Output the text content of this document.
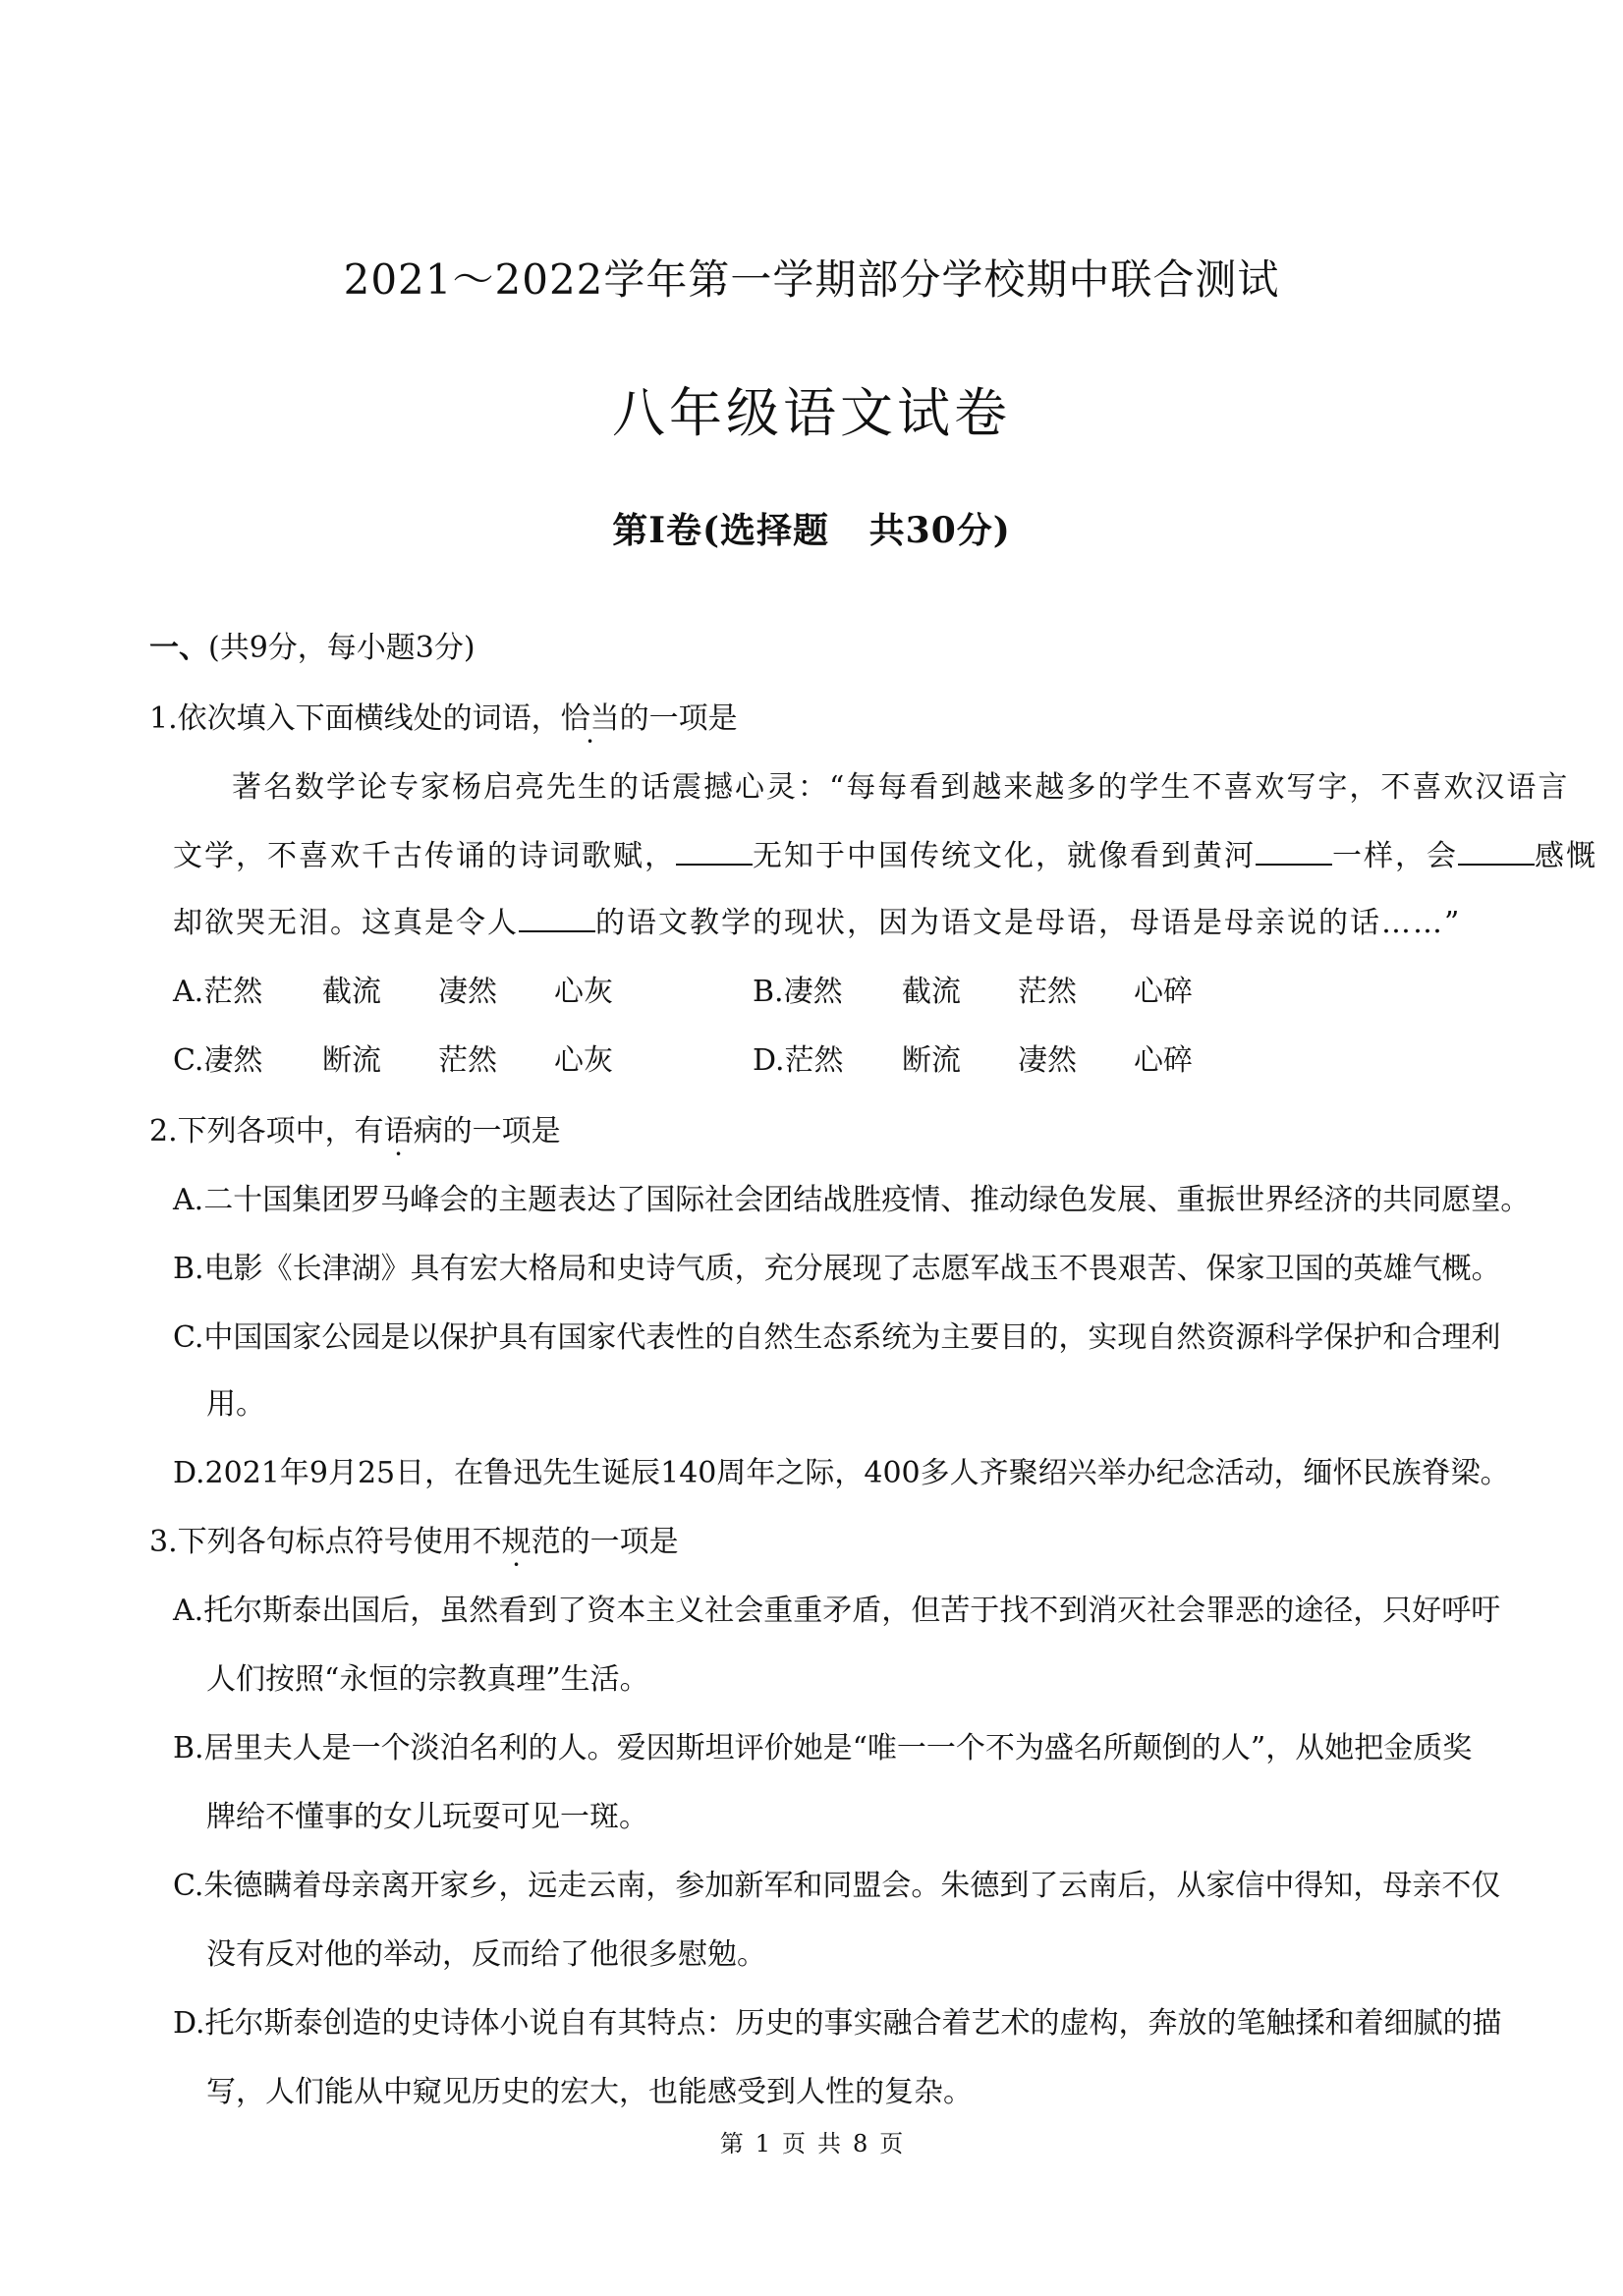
2021～2022学年第一学期部分学校期中联合测试
八年级语文试卷
第Ⅰ卷(选择题 共30分)
一、(共9分，每小题3分)
1.依次填入下面横线处的词语，恰当的一项是
著名数学论专家杨启亮先生的话震撼心灵：“每每看到越来越多的学生不喜欢写字，不喜欢汉语言
文学，不喜欢千古传诵的诗词歌赋，	无知于中国传统文化，就像看到黄河	一样，会	感慨
却欲哭无泪。这真是令人	的语文教学的现状，因为语文是母语，母语是母亲说的话……”
A.茫然 截流 凄然 心灰	B.凄然 截流 茫然 心碎
C.凄然 断流 茫然 心灰	D.茫然 断流 凄然 心碎
2.下列各项中，有语病的一项是
A.二十国集团罗马峰会的主题表达了国际社会团结战胜疫情、推动绿色发展、重振世界经济的共同愿望。
B.电影《长津湖》具有宏大格局和史诗气质，充分展现了志愿军战玉不畏艰苦、保家卫国的英雄气概。
C.中国国家公园是以保护具有国家代表性的自然生态系统为主要目的，实现自然资源科学保护和合理利
用。
D.2021年9月25日，在鲁迅先生诞辰140周年之际，400多人齐聚绍兴举办纪念活动，缅怀民族脊梁。
3.下列各句标点符号使用不规范的一项是
A.托尔斯泰出国后，虽然看到了资本主义社会重重矛盾，但苦于找不到消灭社会罪恶的途径，只好呼吁
人们按照“永恒的宗教真理”生活。
B.居里夫人是一个淡泊名利的人。爱因斯坦评价她是“唯一一个不为盛名所颠倒的人”，从她把金质奖
牌给不懂事的女儿玩耍可见一斑。
C.朱德瞒着母亲离开家乡，远走云南，参加新军和同盟会。朱德到了云南后，从家信中得知，母亲不仅
没有反对他的举动，反而给了他很多慰勉。
D.托尔斯泰创造的史诗体小说自有其特点：历史的事实融合着艺术的虚构，奔放的笔触揉和着细腻的描
写，人们能从中窥见历史的宏大，也能感受到人性的复杂。
第 1 页 共 8 页
